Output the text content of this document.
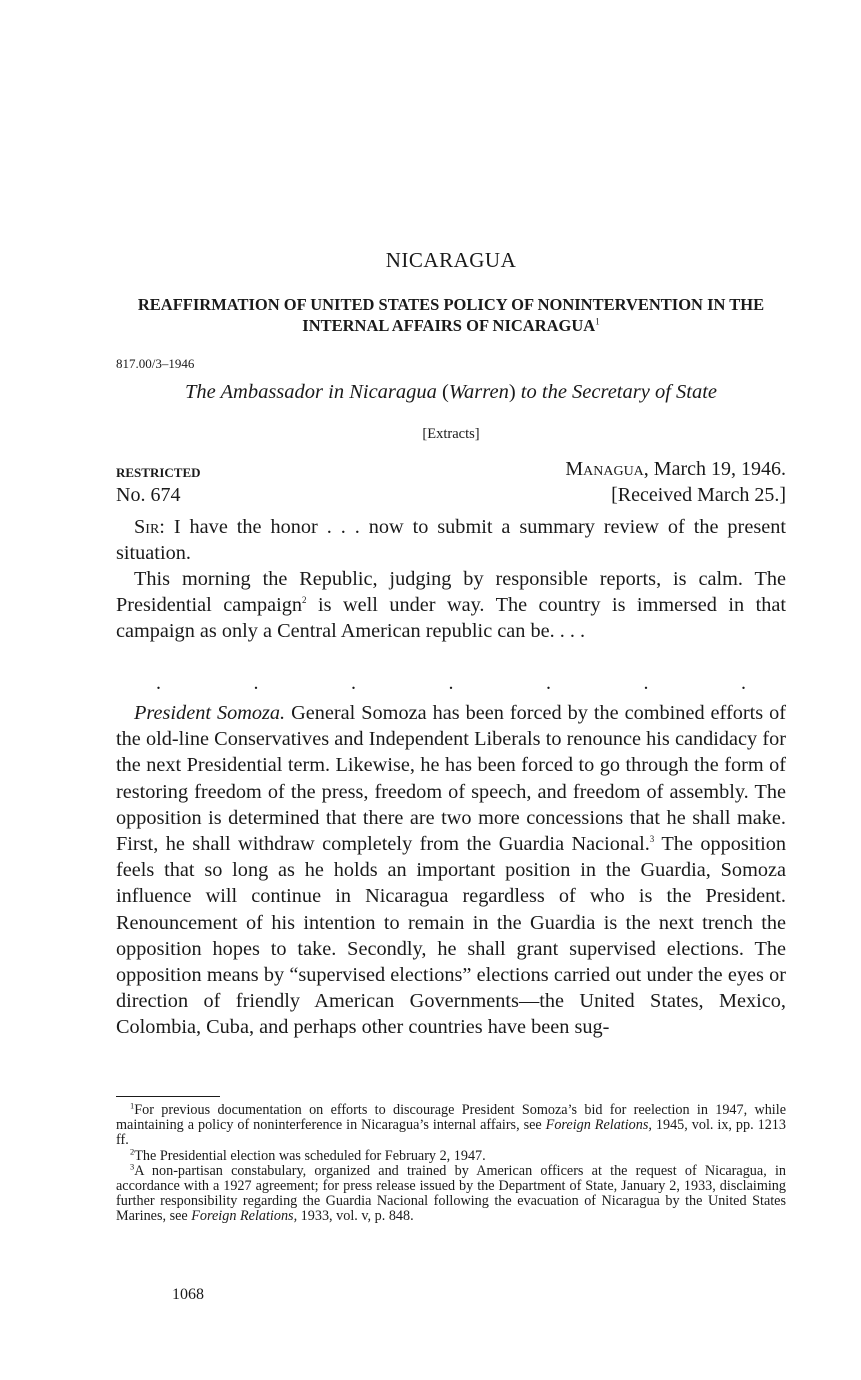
NICARAGUA
REAFFIRMATION OF UNITED STATES POLICY OF NONINTERVENTION IN THE INTERNAL AFFAIRS OF NICARAGUA$^1$
817.00/3–1946
The Ambassador in Nicaragua (Warren) to the Secretary of State
[Extracts]
RESTRICTED	Managua, March 19, 1946.
No. 674	[Received March 25.]

Sir: I have the honor . . . now to submit a summary review of the present situation.

This morning the Republic, judging by responsible reports, is calm. The Presidential campaign$^2$ is well under way. The country is immersed in that campaign as only a Central American republic can be. . . .

.	.	.	.	.	.	.

President Somoza. General Somoza has been forced by the combined efforts of the old-line Conservatives and Independent Liberals to renounce his candidacy for the next Presidential term. Likewise, he has been forced to go through the form of restoring freedom of the press, freedom of speech, and freedom of assembly. The opposition is determined that there are two more concessions that he shall make. First, he shall withdraw completely from the Guardia Nacional.$^3$ The opposition feels that so long as he holds an important position in the Guardia, Somoza influence will continue in Nicaragua regardless of who is the President. Renouncement of his intention to remain in the Guardia is the next trench the opposition hopes to take. Secondly, he shall grant supervised elections. The opposition means by “supervised elections” elections carried out under the eyes or direction of friendly American Governments—the United States, Mexico, Colombia, Cuba, and perhaps other countries have been sug-

$^1$For previous documentation on efforts to discourage President Somoza’s bid for reelection in 1947, while maintaining a policy of noninterference in Nicaragua’s internal affairs, see Foreign Relations, 1945, vol. ix, pp. 1213 ff.

$^2$The Presidential election was scheduled for February 2, 1947.

$^3$A non-partisan constabulary, organized and trained by American officers at the request of Nicaragua, in accordance with a 1927 agreement; for press release issued by the Department of State, January 2, 1933, disclaiming further responsibility regarding the Guardia Nacional following the evacuation of Nicaragua by the United States Marines, see Foreign Relations, 1933, vol. v, p. 848.

1068
